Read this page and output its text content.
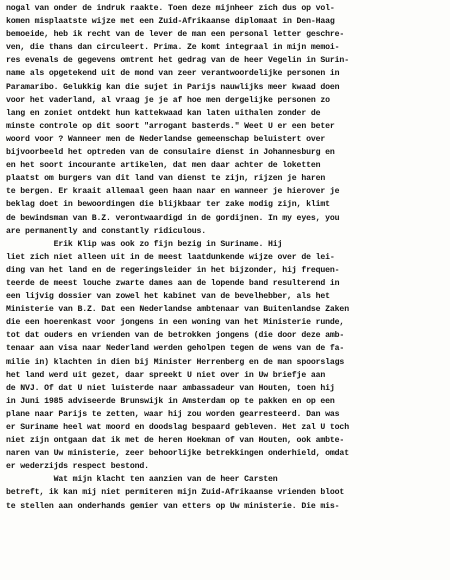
nogal van onder de indruk raakte. Toen deze mijnheer zich dus op vol-
komen misplaatste wijze met een Zuid-Afrikaanse diplomaat in Den-Haag
bemoeide, heb ik recht van de lever de man een personal letter geschre-
ven, die thans dan circuleert. Prima. Ze komt integraal in mijn memoi-
res evenals de gegevens omtrent het gedrag van de heer Vegelin in Surin-
name als opgetekend uit de mond van zeer verantwoordelijke personen in
Paramaribo. Gelukkig kan die sujet in Parijs nauwlijks meer kwaad doen
voor het vaderland, al vraag je je af hoe men dergelijke personen zo
lang en zoniet ontdekt hun kattekwaad kan laten uithalen zonder de
minste controle op dit soort "arrogant basterds." Weet U er een beter
woord voor ? Wanneer men de Nederlandse gemeenschap beluistert over
bijvoorbeeld het optreden van de consulaire dienst in Johannesburg en
en het soort incourante artikelen, dat men daar achter de loketten
plaatst om burgers van dit land van dienst te zijn, rijzen je haren
te bergen. Er kraait allemaal geen haan naar en wanneer je hierover je
beklag doet in bewoordingen die blijkbaar ter zake modig zijn, klimt
de bewindsman van B.Z. verontwaardigd in de gordijnen. In my eyes, you
are permanently and constantly ridiculous.
Erik Klip was ook zo fijn bezig in Suriname. Hij
liet zich niet alleen uit in de meest laatdunkende wijze over de lei-
ding van het land en de regeringsleider in het bijzonder, hij frequen-
teerde de meest louche zwarte dames aan de lopende band resulterend in
een lijvig dossier van zowel het kabinet van de bevelhebber, als het
Ministerie van B.Z. Dat een Nederlandse ambtenaar van Buitenlandse Zaken
die een hoerenkast voor jongens in een woning van het Ministerie runde,
tot dat ouders en vrienden van de betrokken jongens (die door deze amb-
tenaar aan visa naar Nederland werden geholpen tegen de wens van de fa-
milie in) klachten in dien bij Minister Herrenberg en de man spoorslags
het land werd uit gezet, daar spreekt U niet over in Uw briefje aan
de NVJ. Of dat U niet luisterde naar ambassadeur van Houten, toen hij
in Juni 1985 adviseerde Brunswijk in Amsterdam op te pakken en op een
plane naar Parijs te zetten, waar hij zou worden gearresteerd. Dan was
er Suriname heel wat moord en doodslag bespaard gebleven. Het zal U toch
niet zijn ontgaan dat ik met de heren Hoekman of van Houten, ook ambte-
naren van Uw ministerie, zeer behoorlijke betrekkingen onderhield, omdat
er wederzijds respect bestond.
Wat mijn klacht ten aanzien van de heer Carsten
betreft, ik kan mij niet permiteren mijn Zuid-Afrikaanse vrienden bloot
te stellen aan onderhands gemier van etters op Uw ministerie. Die mis-
